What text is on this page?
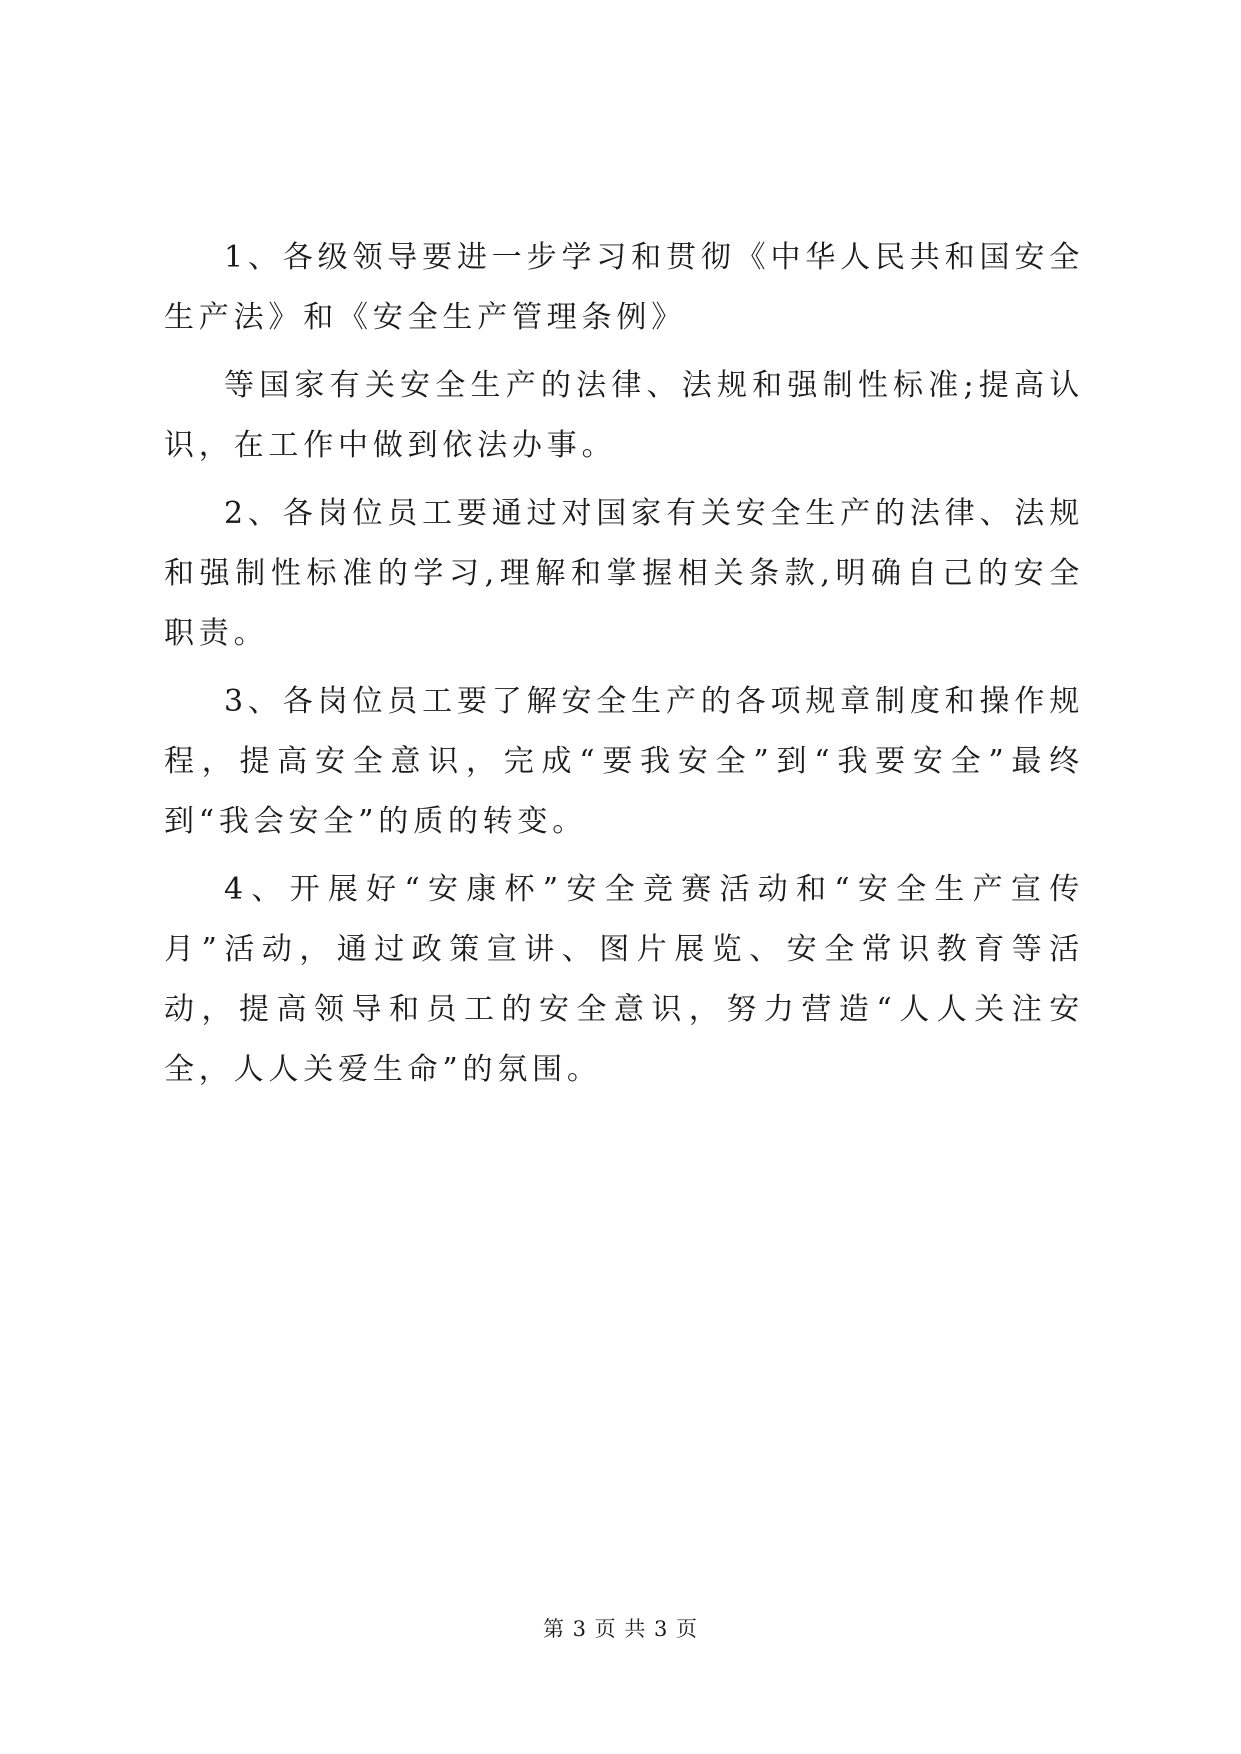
1、各级领导要进一步学习和贯彻《中华人民共和国安全生产法》和《安全生产管理条例》

等国家有关安全生产的法律、法规和强制性标准;提高认识，在工作中做到依法办事。

2、各岗位员工要通过对国家有关安全生产的法律、法规和强制性标准的学习,理解和掌握相关条款,明确自己的安全职责。

3、各岗位员工要了解安全生产的各项规章制度和操作规程，提高安全意识，完成“要我安全”到“我要安全”最终到“我会安全”的质的转变。

4、开展好“安康杯”安全竞赛活动和“安全生产宣传月”活动，通过政策宣讲、图片展览、安全常识教育等活动，提高领导和员工的安全意识，努力营造“人人关注安全，人人关爱生命”的氛围。

第 3 页 共 3 页
